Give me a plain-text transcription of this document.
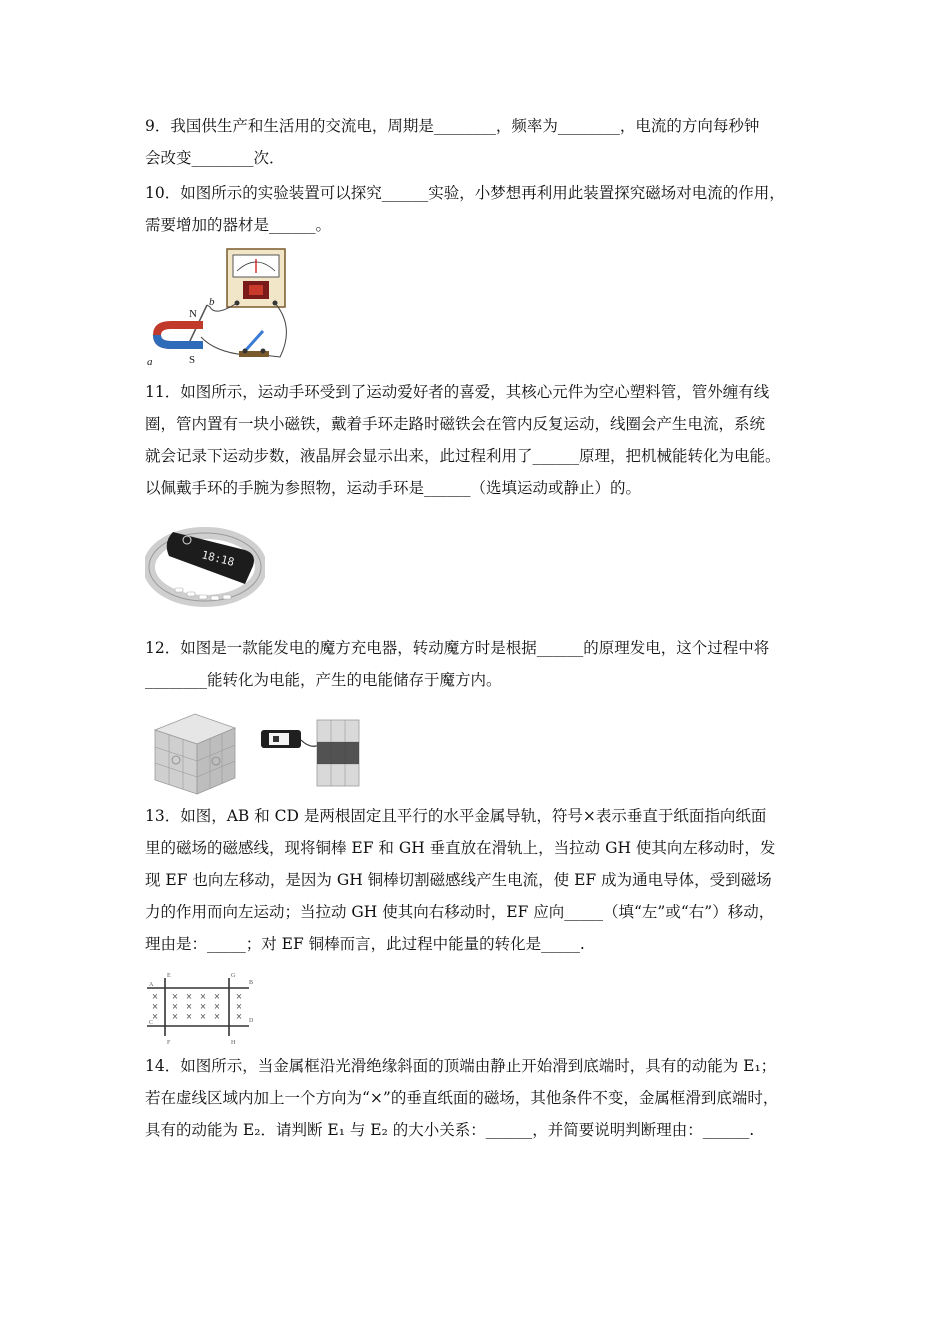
9．我国供生产和生活用的交流电，周期是________，频率为________，电流的方向每秒钟

会改变________次．

10．如图所示的实验装置可以探究______实验，小梦想再利用此装置探究磁场对电流的作用，

需要增加的器材是______。

N
S
a
b

11．如图所示，运动手环受到了运动爱好者的喜爱，其核心元件为空心塑料管，管外缠有线

圈，管内置有一块小磁铁，戴着手环走路时磁铁会在管内反复运动，线圈会产生电流，系统

就会记录下运动步数，液晶屏会显示出来，此过程利用了______原理，把机械能转化为电能。

以佩戴手环的手腕为参照物，运动手环是______（选填运动或静止）的。

18:18

12．如图是一款能发电的魔方充电器，转动魔方时是根据______的原理发电，这个过程中将

________能转化为电能，产生的电能储存于魔方内。

13．如图，AB 和 CD 是两根固定且平行的水平金属导轨，符号×表示垂直于纸面指向纸面

里的磁场的磁感线，现将铜棒 EF 和 GH 垂直放在滑轨上，当拉动 GH 使其向左移动时，发

现 EF 也向左移动，是因为 GH 铜棒切割磁感线产生电流，使 EF 成为通电导体，受到磁场

力的作用而向左运动；当拉动 GH 使其向右移动时，EF 应向_____（填“左”或“右”）移动，

理由是：_____；对 EF 铜棒而言，此过程中能量的转化是_____.

A
C
E	G
B
D
F	H
× × × × × ×
× × × × × ×
× × × × × ×

14．如图所示，当金属框沿光滑绝缘斜面的顶端由静止开始滑到底端时，具有的动能为 E₁；

若在虚线区域内加上一个方向为“×”的垂直纸面的磁场，其他条件不变，金属框滑到底端时，

具有的动能为 E₂．请判断 E₁ 与 E₂ 的大小关系：______，并简要说明判断理由：______.
